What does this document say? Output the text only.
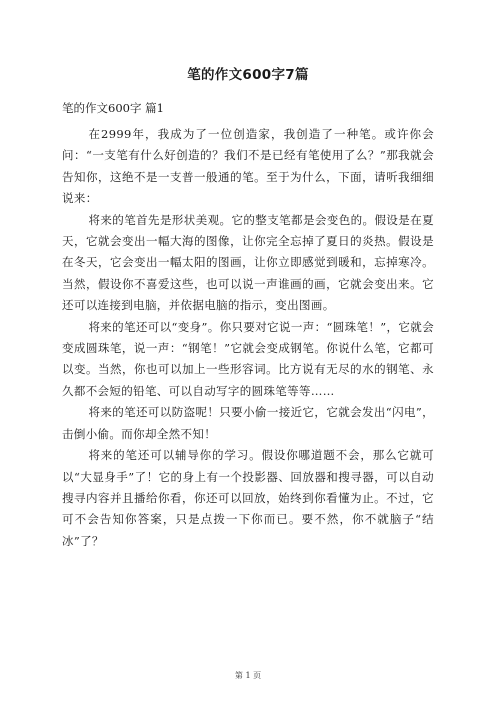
笔的作文600字7篇
笔的作文600字 篇1

在2999年，我成为了一位创造家，我创造了一种笔。或许你会问：“一支笔有什么好创造的？我们不是已经有笔使用了么？”那我就会告知你，这绝不是一支普一般通的笔。至于为什么，下面，请听我细细说来：

将来的笔首先是形状美观。它的整支笔都是会变色的。假设是在夏天，它就会变出一幅大海的图像，让你完全忘掉了夏日的炎热。假设是在冬天，它会变出一幅太阳的图画，让你立即感觉到暖和，忘掉寒冷。当然，假设你不喜爱这些，也可以说一声谁画的画，它就会变出来。它还可以连接到电脑，并依据电脑的指示，变出图画。

将来的笔还可以“变身”。你只要对它说一声：“圆珠笔！”，它就会变成圆珠笔，说一声：“钢笔！”它就会变成钢笔。你说什么笔，它都可以变。当然，你也可以加上一些形容词。比方说有无尽的水的钢笔、永久都不会短的铅笔、可以自动写字的圆珠笔等等……

将来的笔还可以防盗呢！只要小偷一接近它，它就会发出“闪电”，击倒小偷。而你却全然不知！

将来的笔还可以辅导你的学习。假设你哪道题不会，那么它就可以“大显身手”了！它的身上有一个投影器、回放器和搜寻器，可以自动搜寻内容并且播给你看，你还可以回放，始终到你看懂为止。不过，它可不会告知你答案，只是点拨一下你而已。要不然，你不就脑子“结冰”了？

第 1 页
